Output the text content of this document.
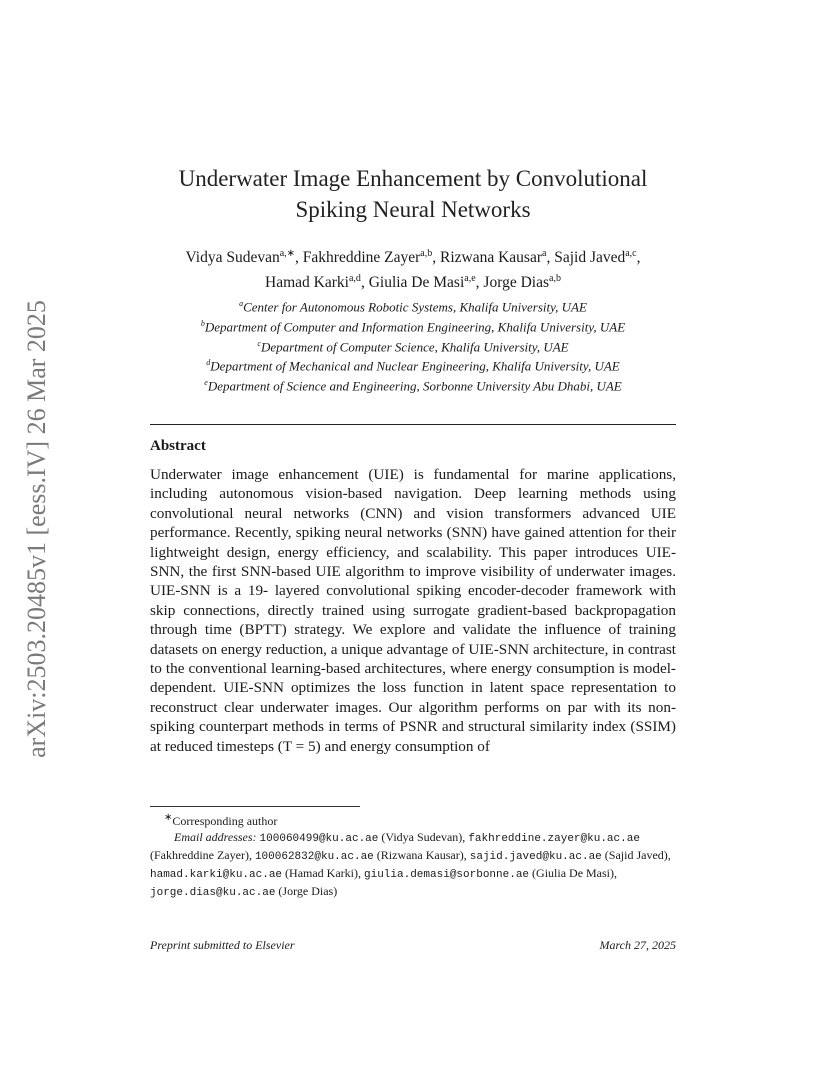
arXiv:2503.20485v1 [eess.IV] 26 Mar 2025
Underwater Image Enhancement by Convolutional
Spiking Neural Networks
Vidya Sudevan$^{a,∗}$, Fakhreddine Zayer$^{a,b}$, Rizwana Kausar$^a$, Sajid Javed$^{a,c}$,
Hamad Karki$^{a,d}$, Giulia De Masi$^{a,e}$, Jorge Dias$^{a,b}$
$^a$Center for Autonomous Robotic Systems, Khalifa University, UAE
$^b$Department of Computer and Information Engineering, Khalifa University, UAE
$^c$Department of Computer Science, Khalifa University, UAE
$^d$Department of Mechanical and Nuclear Engineering, Khalifa University, UAE
$^e$Department of Science and Engineering, Sorbonne University Abu Dhabi, UAE
Abstract
Underwater image enhancement (UIE) is fundamental for marine applications, including autonomous vision-based navigation. Deep learning methods using convolutional neural networks (CNN) and vision transformers advanced UIE performance. Recently, spiking neural networks (SNN) have gained attention for their lightweight design, energy efficiency, and scalability. This paper introduces UIE-SNN, the first SNN-based UIE algorithm to improve visibility of underwater images. UIE-SNN is a 19- layered convolutional spiking encoder-decoder framework with skip connections, directly trained using surrogate gradient-based backpropagation through time (BPTT) strategy. We explore and validate the influence of training datasets on energy reduction, a unique advantage of UIE-SNN architecture, in contrast to the conventional learning-based architectures, where energy consumption is model-dependent. UIE-SNN optimizes the loss function in latent space representation to reconstruct clear underwater images. Our algorithm performs on par with its non-spiking counterpart methods in terms of PSNR and structural similarity index (SSIM) at reduced timesteps (T = 5) and energy consumption of
∗Corresponding author
Email addresses: 100060499@ku.ac.ae (Vidya Sudevan), fakhreddine.zayer@ku.ac.ae (Fakhreddine Zayer), 100062832@ku.ac.ae (Rizwana Kausar), sajid.javed@ku.ac.ae (Sajid Javed), hamad.karki@ku.ac.ae (Hamad Karki), giulia.demasi@sorbonne.ae (Giulia De Masi), jorge.dias@ku.ac.ae (Jorge Dias)
Preprint submitted to Elsevier	March 27, 2025
